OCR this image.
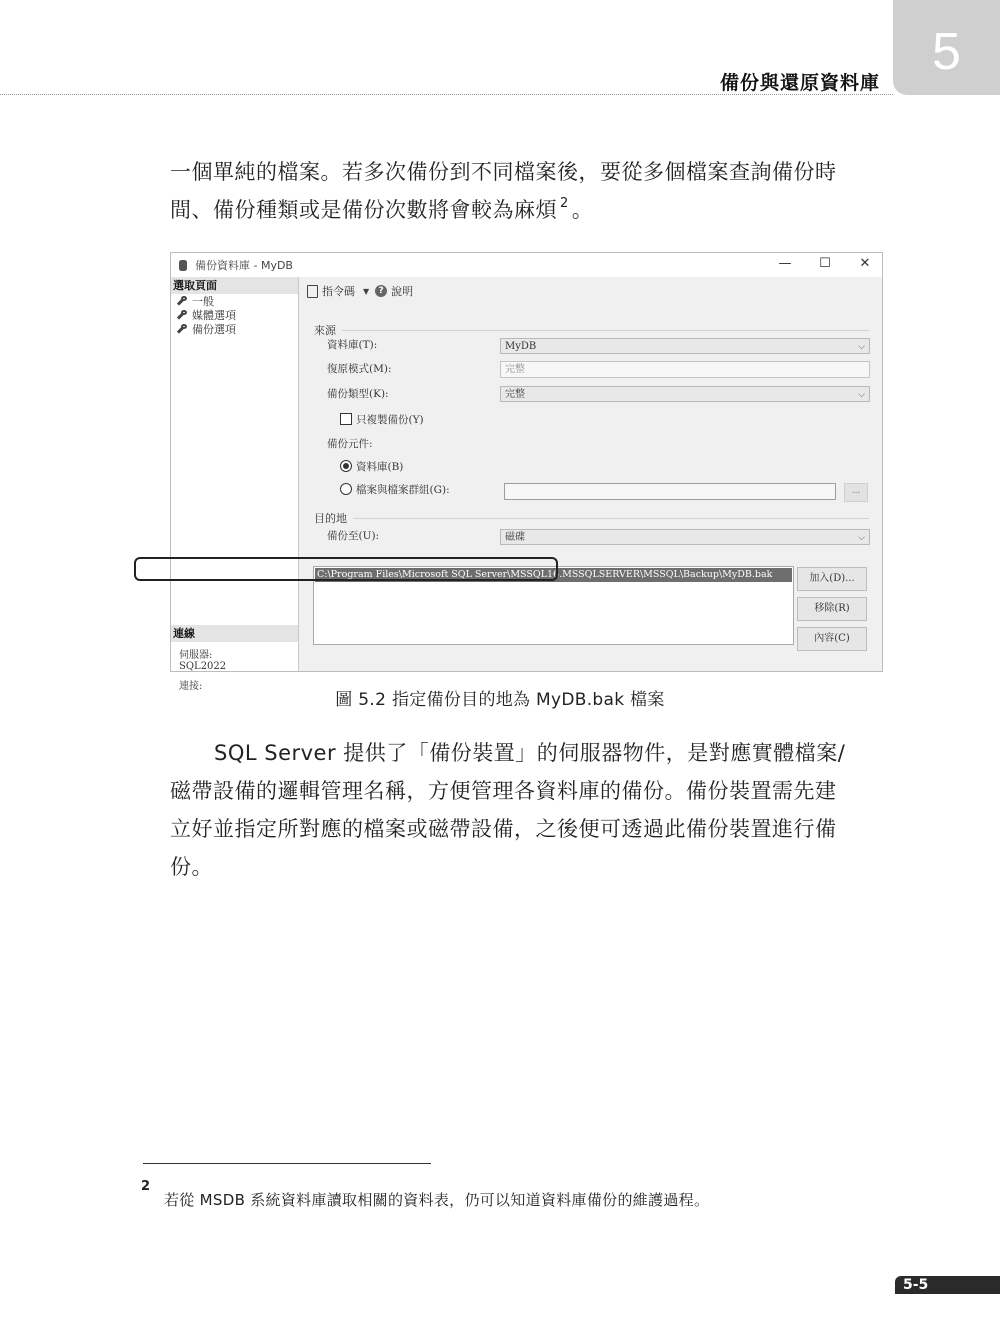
備份與還原資料庫
5
一個單純的檔案。若多次備份到不同檔案後，要從多個檔案查詢備份時
間、備份種類或是備份次數將會較為麻煩 $^2$ 。
備份資料庫 - MyDB	— ☐ ✕
選取頁面
一般
媒體選項
備份選項
連線
伺服器:
SQL2022
連接:
指令碼 ▼	? 說明
來源
資料庫(T):	MyDB	⌵
復原模式(M):	完整
備份類型(K):	完整	⌵
只複製備份(Y)
備份元件:
資料庫(B)
檔案與檔案群組(G):	...
目的地
備份至(U):	磁碟	⌵
C:\Program Files\Microsoft SQL Server\MSSQL16.MSSQLSERVER\MSSQL\Backup\MyDB.bak	加入(D)...
移除(R)
內容(C)
圖 5.2 指定備份目的地為 MyDB.bak 檔案
SQL Server 提供了「備份裝置」的伺服器物件，是對應實體檔案/
磁帶設備的邏輯管理名稱，方便管理各資料庫的備份。備份裝置需先建
立好並指定所對應的檔案或磁帶設備，之後便可透過此備份裝置進行備
份。
2
若從 MSDB 系統資料庫讀取相關的資料表，仍可以知道資料庫備份的維護過程。
5-5
